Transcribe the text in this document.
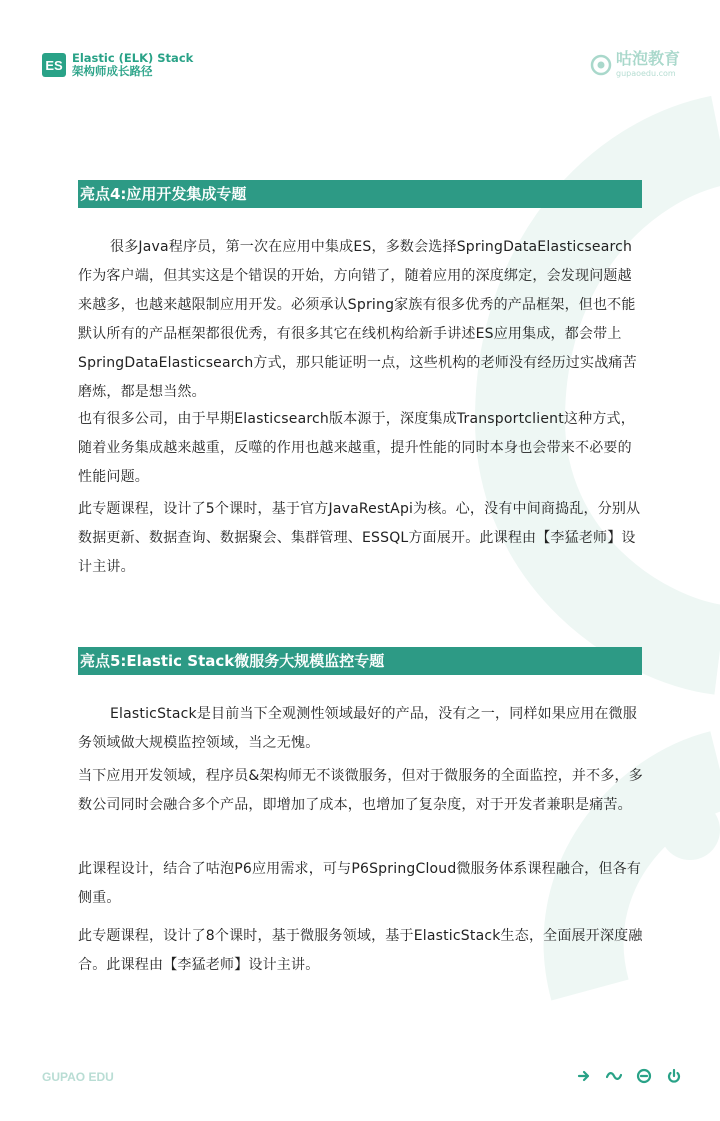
ES Elastic (ELK) Stack
架构师成长路径
咕泡教育
gupaoedu.com
亮点4:应用开发集成专题

很多Java程序员，第一次在应用中集成ES，多数会选择SpringDataElasticsearch作为客户端，但其实这是个错误的开始，方向错了，随着应用的深度绑定，会发现问题越来越多，也越来越限制应用开发。必须承认Spring家族有很多优秀的产品框架，但也不能默认所有的产品框架都很优秀，有很多其它在线机构给新手讲述ES应用集成，都会带上SpringDataElasticsearch方式，那只能证明一点，这些机构的老师没有经历过实战痛苦磨炼，都是想当然。

也有很多公司，由于早期Elasticsearch版本源于，深度集成Transportclient这种方式，随着业务集成越来越重，反噬的作用也越来越重，提升性能的同时本身也会带来不必要的性能问题。

此专题课程，设计了5个课时，基于官方JavaRestApi为核。心，没有中间商捣乱，分别从数据更新、数据查询、数据聚会、集群管理、ESSQL方面展开。此课程由【李猛老师】设计主讲。

亮点5:Elastic Stack微服务大规模监控专题

ElasticStack是目前当下全观测性领域最好的产品，没有之一，同样如果应用在微服务领域做大规模监控领域，当之无愧。

当下应用开发领域，程序员&架构师无不谈微服务，但对于微服务的全面监控，并不多，多数公司同时会融合多个产品，即增加了成本，也增加了复杂度，对于开发者兼职是痛苦。

此课程设计，结合了咕泡P6应用需求，可与P6SpringCloud微服务体系课程融合，但各有侧重。

此专题课程，设计了8个课时，基于微服务领域，基于ElasticStack生态，全面展开深度融合。此课程由【李猛老师】设计主讲。

GUPAO EDU
